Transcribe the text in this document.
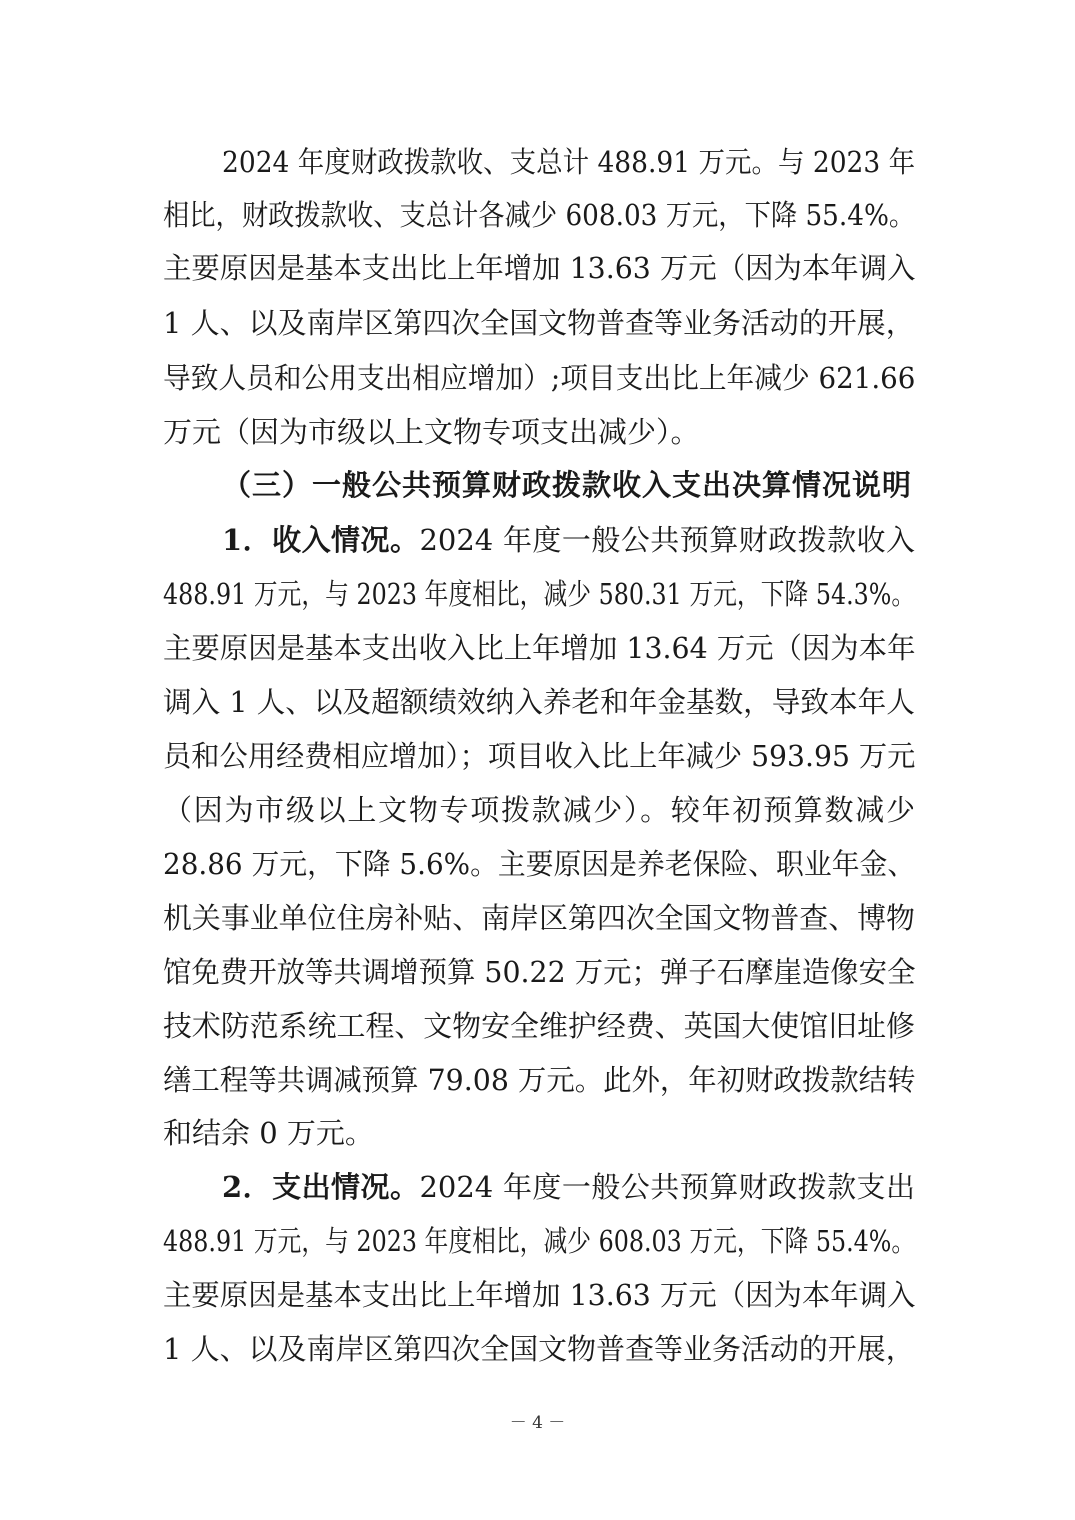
2024 年度财政拨款收、支总计 488.91 万元。与 2023 年
相比，财政拨款收、支总计各减少 608.03 万元，下降 55.4%。
主要原因是基本支出比上年增加 13.63 万元（因为本年调入
1 人、以及南岸区第四次全国文物普查等业务活动的开展，
导致人员和公用支出相应增加）;项目支出比上年减少 621.66
万元（因为市级以上文物专项支出减少）。
（三）一般公共预算财政拨款收入支出决算情况说明
1．收入情况。2024 年度一般公共预算财政拨款收入
488.91 万元，与 2023 年度相比，减少 580.31 万元，下降 54.3%。
主要原因是基本支出收入比上年增加 13.64 万元（因为本年
调入 1 人、以及超额绩效纳入养老和年金基数，导致本年人
员和公用经费相应增加）；项目收入比上年减少 593.95 万元
（因为市级以上文物专项拨款减少）。较年初预算数减少
28.86 万元，下降 5.6%。主要原因是养老保险、职业年金、
机关事业单位住房补贴、南岸区第四次全国文物普查、博物
馆免费开放等共调增预算 50.22 万元；弹子石摩崖造像安全
技术防范系统工程、文物安全维护经费、英国大使馆旧址修
缮工程等共调减预算 79.08 万元。此外，年初财政拨款结转
和结余 0 万元。
2．支出情况。2024 年度一般公共预算财政拨款支出
488.91 万元，与 2023 年度相比，减少 608.03 万元，下降 55.4%。
主要原因是基本支出比上年增加 13.63 万元（因为本年调入
1 人、以及南岸区第四次全国文物普查等业务活动的开展，
－ 4 －
